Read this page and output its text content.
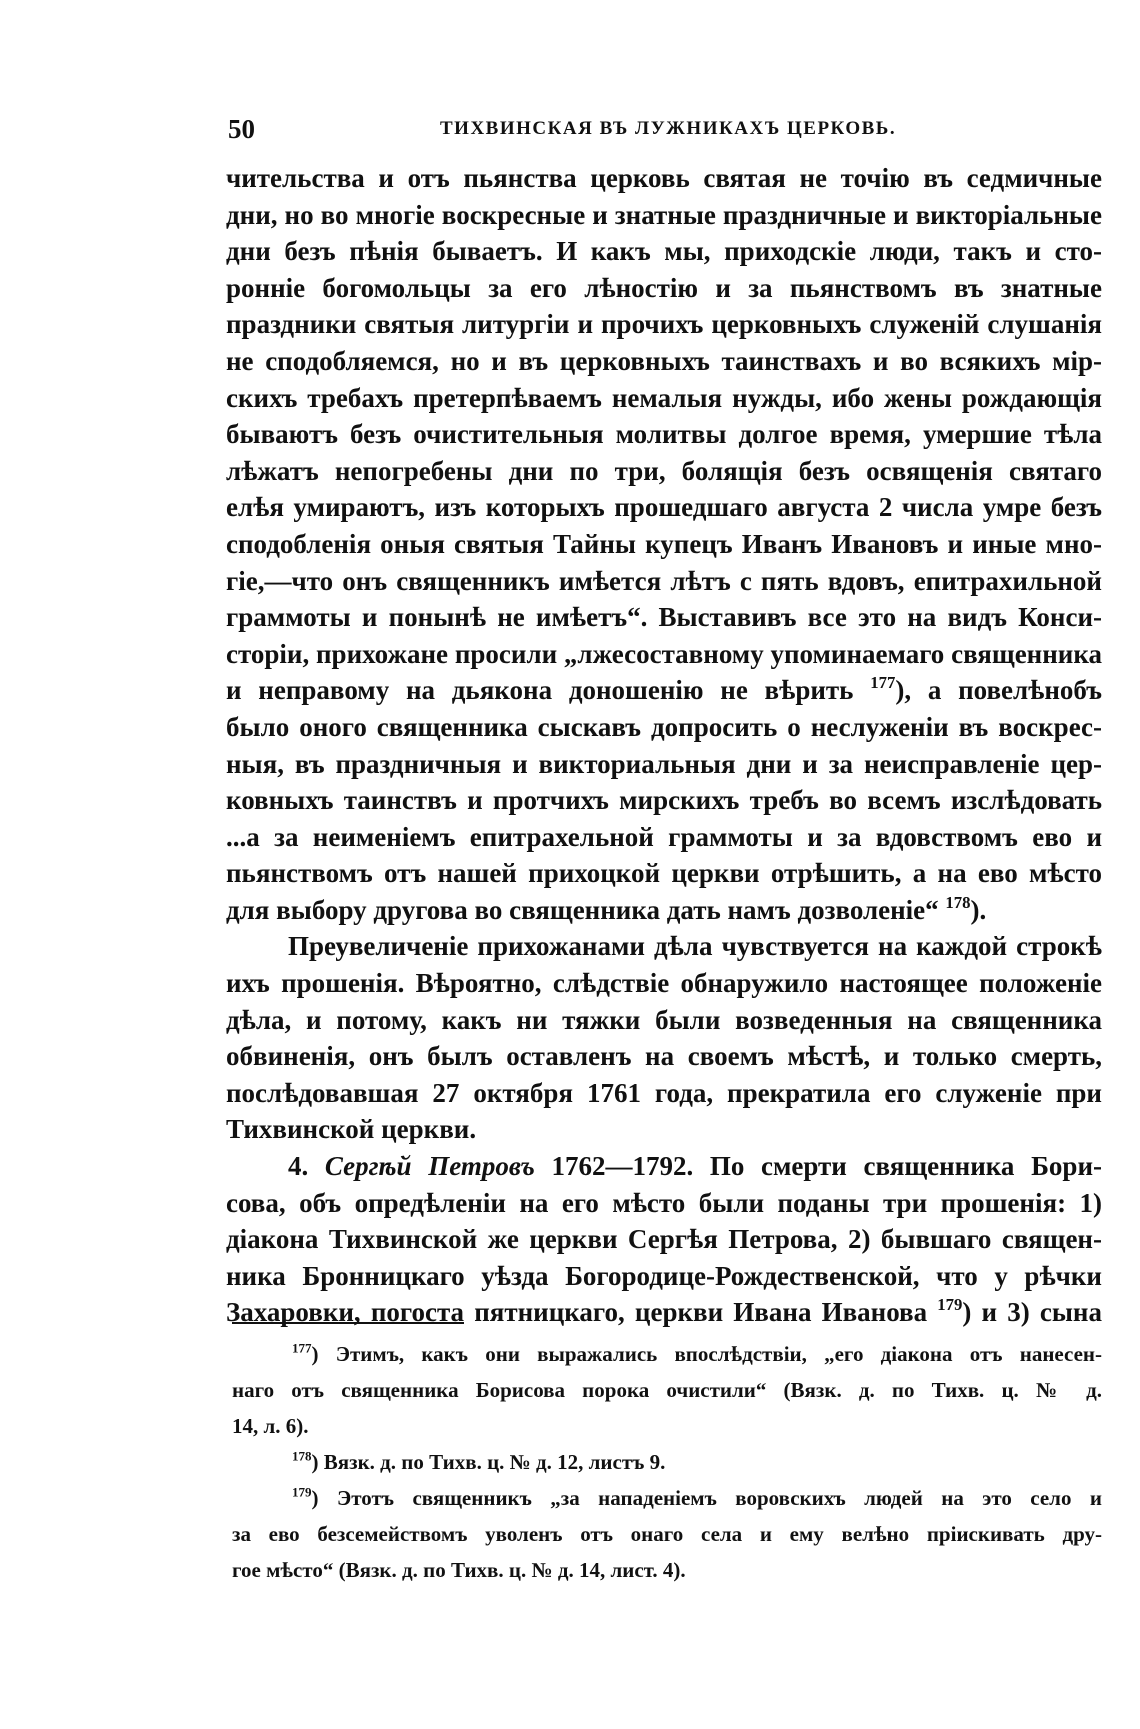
50	ТИХВИНСКАЯ ВЪ ЛУЖНИКАХЪ ЦЕРКОВЬ.
чительства и отъ пьянства церковь святая не точію въ седмичные
дни, но во многіе воскресные и знатные праздничные и викторіальные
дни безъ пѣнія бываетъ. И какъ мы, приходскіе люди, такъ и сто-
ронніе богомольцы за его лѣностію и за пьянствомъ въ знатные
праздники святыя литургіи и прочихъ церковныхъ служеній слушанія
не сподобляемся, но и въ церковныхъ таинствахъ и во всякихъ мір-
скихъ требахъ претерпѣваемъ немалыя нужды, ибо жены рождающія
бываютъ безъ очистительныя молитвы долгое время, умершие тѣла
лѣжатъ непогребены дни по три, болящія безъ освященія святаго
елѣя умираютъ, изъ которыхъ прошедшаго августа 2 числа умре безъ
сподобленія оныя святыя Тайны купецъ Иванъ Ивановъ и иные мно-
гіе,—что онъ священникъ имѣется лѣтъ с пять вдовъ, епитрахильной
граммоты и понынѣ не имѣетъ“. Выставивъ все это на видъ Конси-
сторіи, прихожане просили „лжесоставному упоминаемаго священника
и неправому на дьякона доношенію не вѣрить $^{177}$), а повелѣнобъ
было оного священника сыскавъ допросить о неслуженіи въ воскрес-
ныя, въ праздничныя и викториальныя дни и за неисправленіе цер-
ковныхъ таинствъ и протчихъ мирскихъ требъ во всемъ изслѣдовать
...а за неименіемъ епитрахельной граммоты и за вдовствомъ ево и
пьянствомъ отъ нашей прихоцкой церкви отрѣшить, а на ево мѣсто
для выбору другова во священника дать намъ дозволеніе“ $^{178}$).
Преувеличеніе прихожанами дѣла чувствуется на каждой строкѣ
ихъ прошенія. Вѣроятно, слѣдствіе обнаружило настоящее положеніе
дѣла, и потому, какъ ни тяжки были возведенныя на священника
обвиненія, онъ былъ оставленъ на своемъ мѣстѣ, и только смерть,
послѣдовавшая 27 октября 1761 года, прекратила его служеніе при
Тихвинской церкви.
4. Сергѣй Петровъ 1762—1792. По смерти священника Бори-
сова, объ опредѣленіи на его мѣсто были поданы три прошенія: 1)
діакона Тихвинской же церкви Сергѣя Петрова, 2) бывшаго священ-
ника Бронницкаго уѣзда Богородице-Рождественской, что у рѣчки
Захаровки, погоста пятницкаго, церкви Ивана Иванова $^{179}$) и 3) сына
$^{177}$) Этимъ, какъ они выражались впослѣдствіи, „его діакона отъ нанесен-
наго отъ священника Борисова порока очистили“ (Вязк. д. по Тихв. ц. № д.
14, л. 6).
$^{178}$) Вязк. д. по Тихв. ц. № д. 12, листъ 9.
$^{179}$) Этотъ священникъ „за нападеніемъ воровскихъ людей на это село и
за ево безсемействомъ уволенъ отъ онаго села и ему велѣно пріискивать дру-
гое мѣсто“ (Вязк. д. по Тихв. ц. № д. 14, лист. 4).
